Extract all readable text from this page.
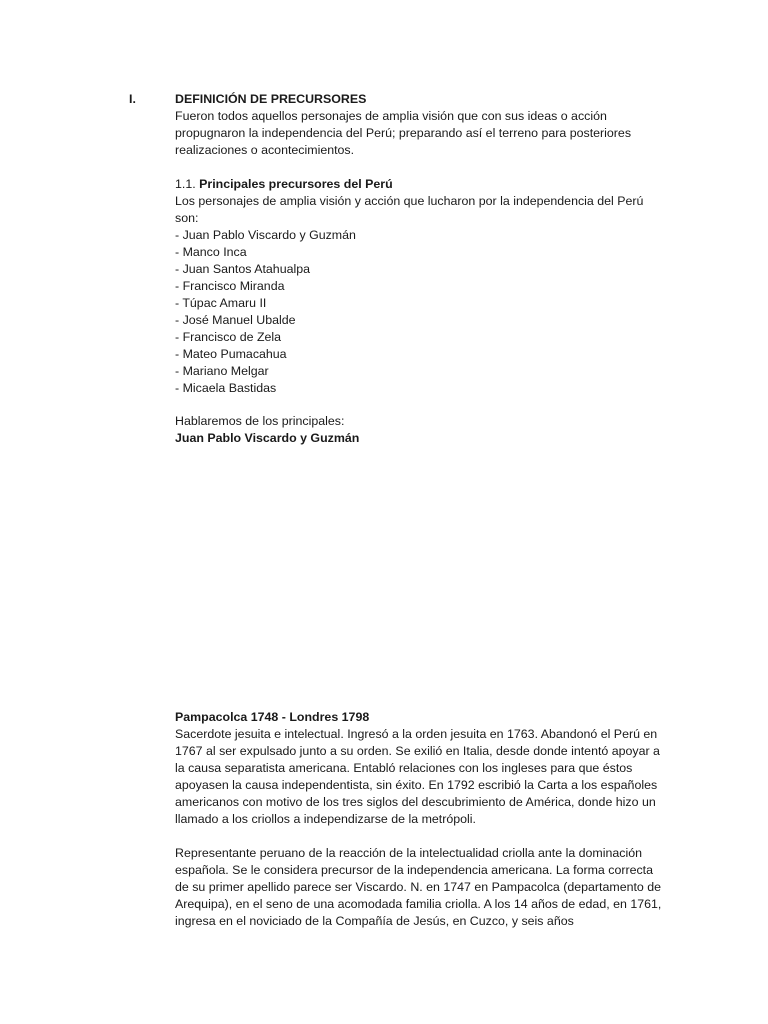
I.	DEFINICIÓN DE PRECURSORES

Fueron todos aquellos personajes de amplia visión que con sus ideas o acción propugnaron la independencia del Perú; preparando así el terreno para posteriores realizaciones o acontecimientos.

1.1. Principales precursores del Perú

Los personajes de amplia visión y acción que lucharon por la independencia del Perú son:

- Juan Pablo Viscardo y Guzmán
- Manco Inca
- Juan Santos Atahualpa
- Francisco Miranda
- Túpac Amaru II
- José Manuel Ubalde
- Francisco de Zela
- Mateo Pumacahua
- Mariano Melgar
- Micaela Bastidas

Hablaremos de los principales:

Juan Pablo Viscardo y Guzmán

Pampacolca 1748 - Londres 1798

Sacerdote jesuita e intelectual. Ingresó a la orden jesuita en 1763. Abandonó el Perú en 1767 al ser expulsado junto a su orden. Se exilió en Italia, desde donde intentó apoyar a la causa separatista americana. Entabló relaciones con los ingleses para que éstos apoyasen la causa independentista, sin éxito. En 1792 escribió la Carta a los españoles americanos con motivo de los tres siglos del descubrimiento de América, donde hizo un llamado a los criollos a independizarse de la metrópoli.

Representante peruano de la reacción de la intelectualidad criolla ante la dominación española. Se le considera precursor de la independencia americana. La forma correcta de su primer apellido parece ser Viscardo. N. en 1747 en Pampacolca (departamento de Arequipa), en el seno de una acomodada familia criolla. A los 14 años de edad, en 1761, ingresa en el noviciado de la Compañía de Jesús, en Cuzco, y seis años
